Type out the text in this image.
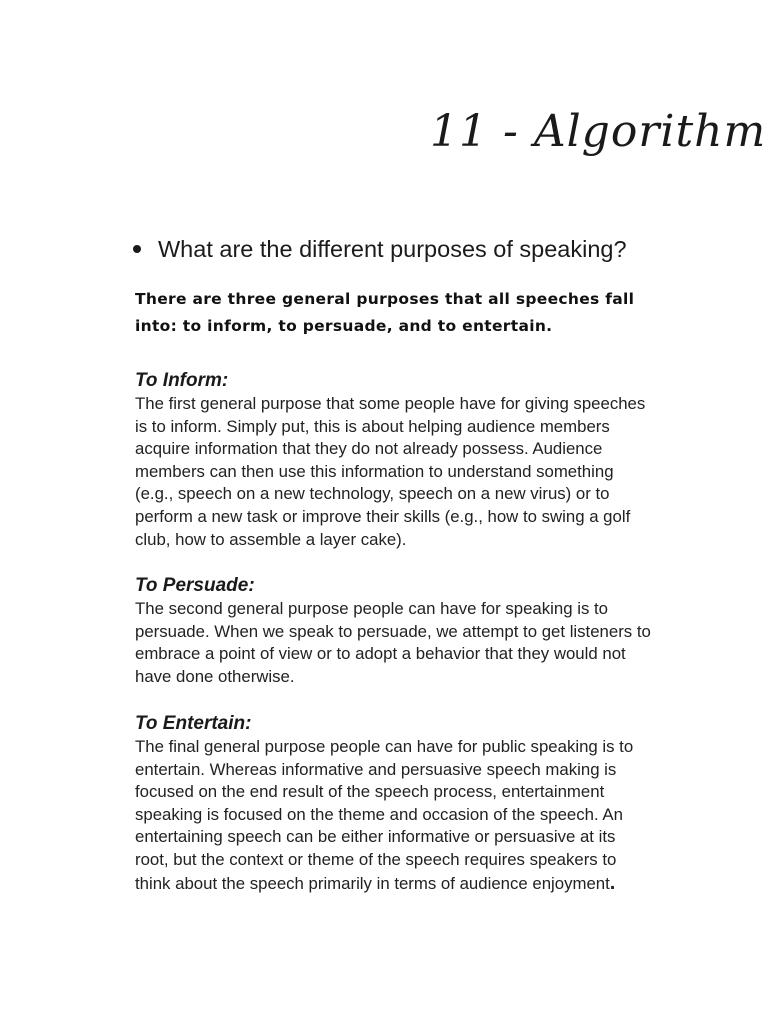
11 - Algorithm
What are the different purposes of speaking?
There are three general purposes that all speeches fall
into: to inform, to persuade, and to entertain.
To Inform:
The first general purpose that some people have for giving speeches
is to inform. Simply put, this is about helping audience members
acquire information that they do not already possess. Audience
members can then use this information to understand something
(e.g., speech on a new technology, speech on a new virus) or to
perform a new task or improve their skills (e.g., how to swing a golf
club, how to assemble a layer cake).
To Persuade:
The second general purpose people can have for speaking is to
persuade. When we speak to persuade, we attempt to get listeners to
embrace a point of view or to adopt a behavior that they would not
have done otherwise.
To Entertain:
The final general purpose people can have for public speaking is to
entertain. Whereas informative and persuasive speech making is
focused on the end result of the speech process, entertainment
speaking is focused on the theme and occasion of the speech. An
entertaining speech can be either informative or persuasive at its
root, but the context or theme of the speech requires speakers to
think about the speech primarily in terms of audience enjoyment.
